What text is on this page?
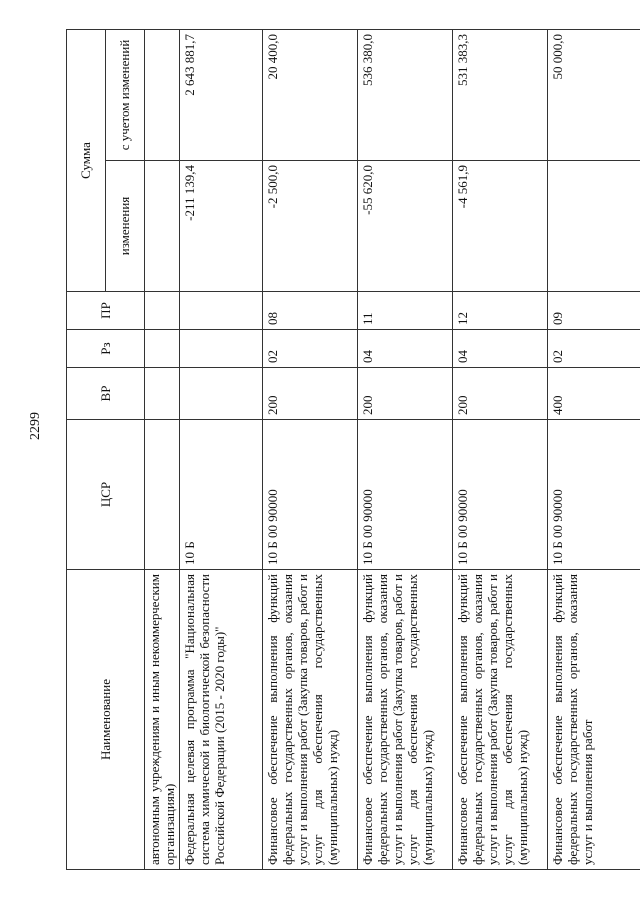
2299
Наименование	ЦСР	ВР	Рз	ПР	Сумма	
					изменения	с учетом изменений
автономным учреждениям и иным некоммерческим организациям)						
Федеральная целевая программа "Национальная система химической и биологической безопасности Российской Федерации (2015 - 2020 годы)"	10 Б				-211 139,4	2 643 881,7
Финансовое обеспечение выполнения функций федеральных государственных органов, оказания услуг и выполнения работ (Закупка товаров, работ и услуг для обеспечения государственных (муниципальных) нужд)	10 Б 00 90000	200	02	08	-2 500,0	20 400,0
Финансовое обеспечение выполнения функций федеральных государственных органов, оказания услуг и выполнения работ (Закупка товаров, работ и услуг для обеспечения государственных (муниципальных) нужд)	10 Б 00 90000	200	04	11	-55 620,0	536 380,0
Финансовое обеспечение выполнения функций федеральных государственных органов, оказания услуг и выполнения работ (Закупка товаров, работ и услуг для обеспечения государственных (муниципальных) нужд)	10 Б 00 90000	200	04	12	-4 561,9	531 383,3
Финансовое обеспечение выполнения функций федеральных государственных органов, оказания услуг и выполнения работ	10 Б 00 90000	400	02	09		50 000,0
